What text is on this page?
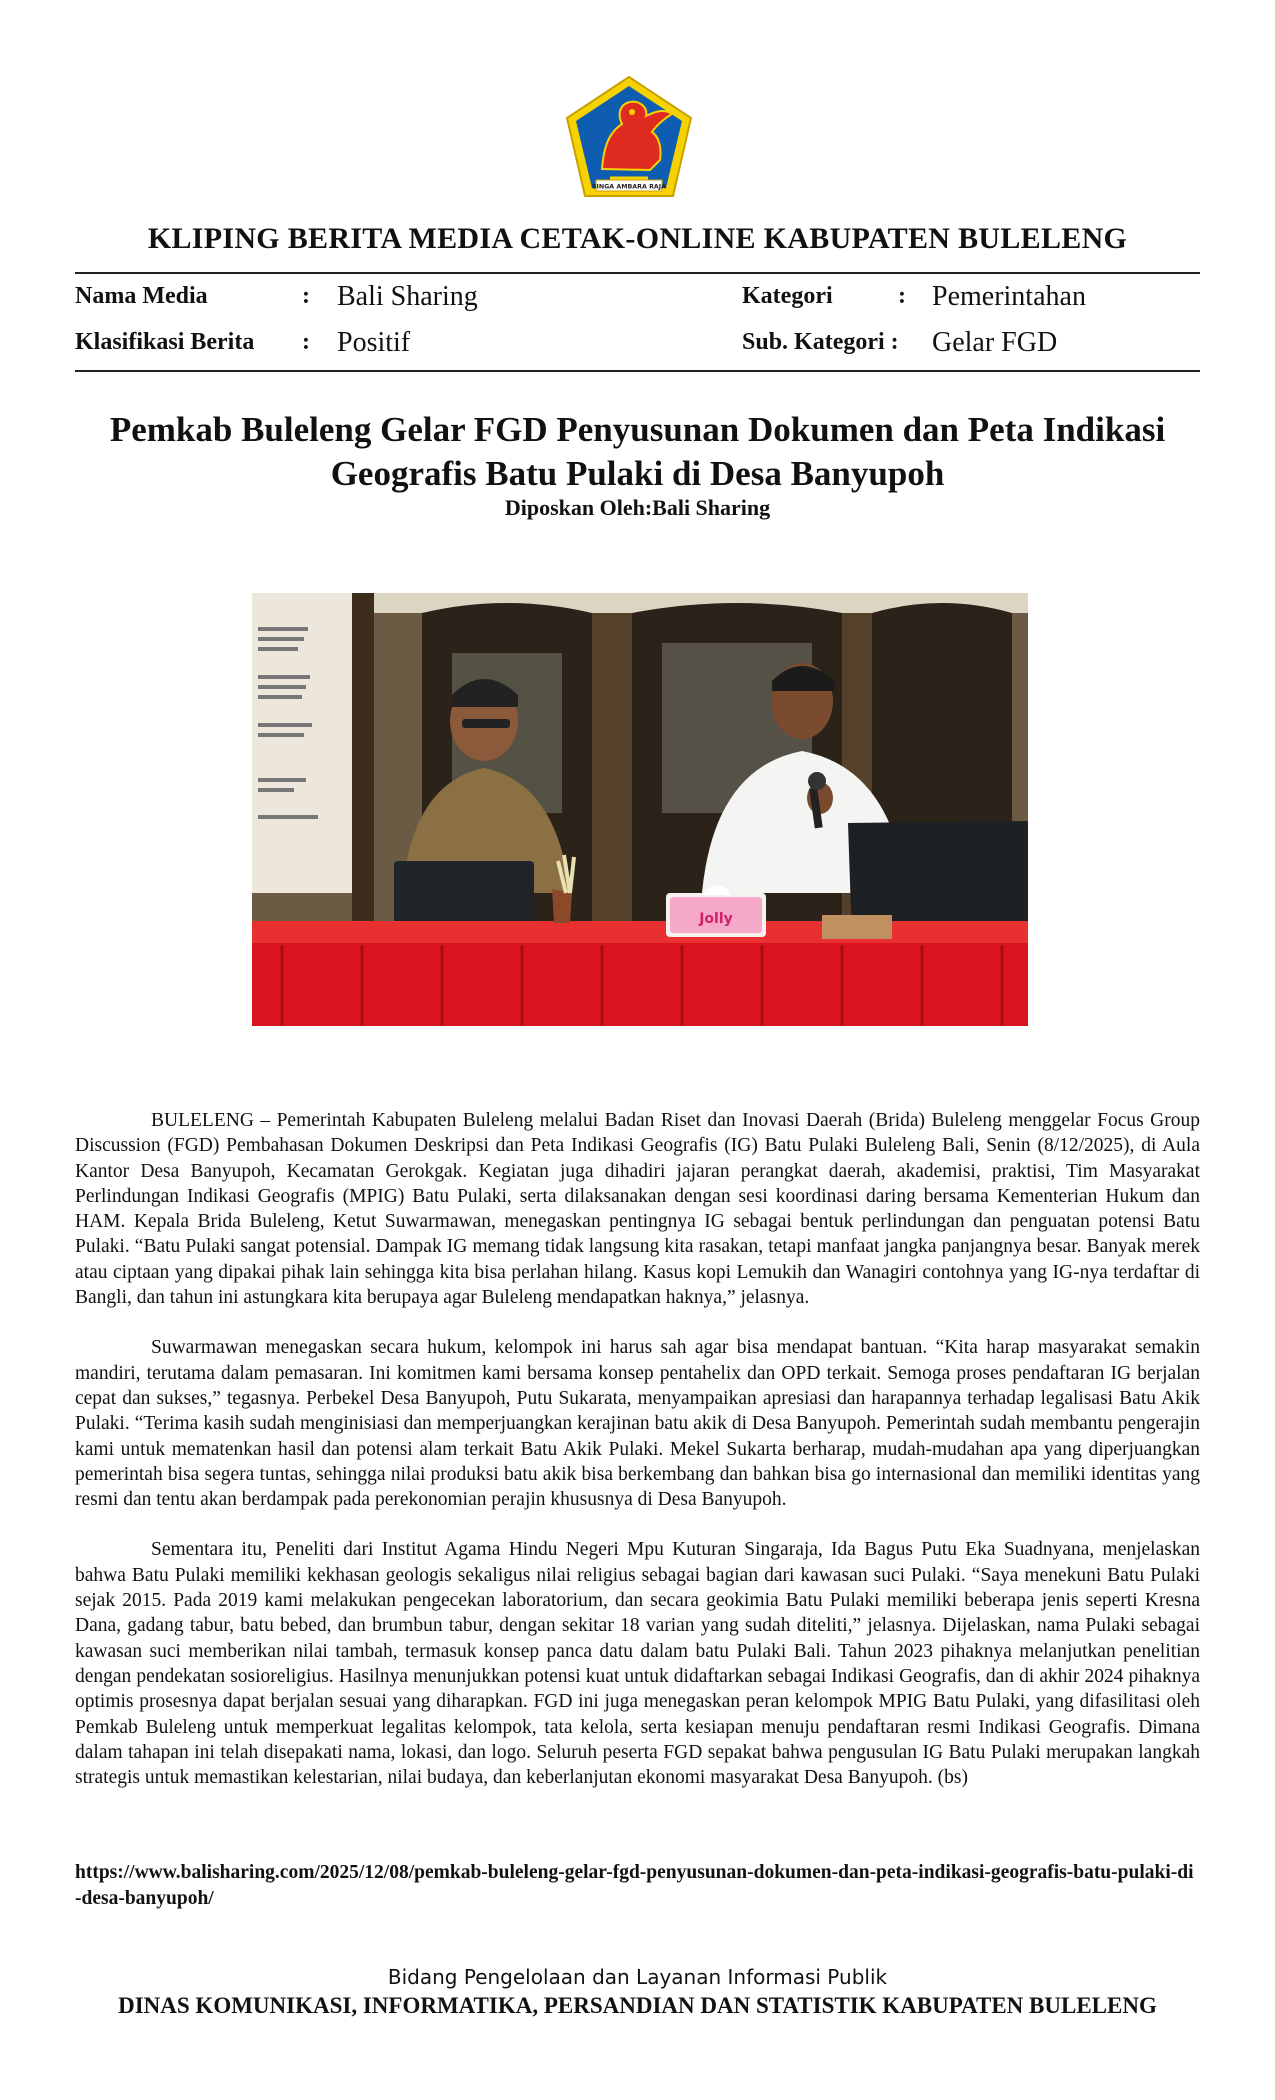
SINGA AMBARA RAJA
KLIPING BERITA MEDIA CETAK-ONLINE KABUPATEN BULELENG
Nama Media	: Bali Sharing	Kategori	: Pemerintahan
Klasifikasi Berita : Positif	Sub. Kategori : Gelar FGD
Pemkab Buleleng Gelar FGD Penyusunan Dokumen dan Peta Indikasi Geografis Batu Pulaki di Desa Banyupoh
Diposkan Oleh:Bali Sharing
Jolly

BULELENG – Pemerintah Kabupaten Buleleng melalui Badan Riset dan Inovasi Daerah (Brida) Buleleng menggelar Focus Group Discussion (FGD) Pembahasan Dokumen Deskripsi dan Peta Indikasi Geografis (IG) Batu Pulaki Buleleng Bali, Senin (8/12/2025), di Aula Kantor Desa Banyupoh, Kecamatan Gerokgak. Kegiatan juga dihadiri jajaran perangkat daerah, akademisi, praktisi, Tim Masyarakat Perlindungan Indikasi Geografis (MPIG) Batu Pulaki, serta dilaksanakan dengan sesi koordinasi daring bersama Kementerian Hukum dan HAM. Kepala Brida Buleleng, Ketut Suwarmawan, menegaskan pentingnya IG sebagai bentuk perlindungan dan penguatan potensi Batu Pulaki. “Batu Pulaki sangat potensial. Dampak IG memang tidak langsung kita rasakan, tetapi manfaat jangka panjangnya besar. Banyak merek atau ciptaan yang dipakai pihak lain sehingga kita bisa perlahan hilang. Kasus kopi Lemukih dan Wanagiri contohnya yang IG-nya terdaftar di Bangli, dan tahun ini astungkara kita berupaya agar Buleleng mendapatkan haknya,” jelasnya.

Suwarmawan menegaskan secara hukum, kelompok ini harus sah agar bisa mendapat bantuan. “Kita harap masyarakat semakin mandiri, terutama dalam pemasaran. Ini komitmen kami bersama konsep pentahelix dan OPD terkait. Semoga proses pendaftaran IG berjalan cepat dan sukses,” tegasnya. Perbekel Desa Banyupoh, Putu Sukarata, menyampaikan apresiasi dan harapannya terhadap legalisasi Batu Akik Pulaki. “Terima kasih sudah menginisiasi dan memperjuangkan kerajinan batu akik di Desa Banyupoh. Pemerintah sudah membantu pengerajin kami untuk mematenkan hasil dan potensi alam terkait Batu Akik Pulaki. Mekel Sukarta berharap, mudah-mudahan apa yang diperjuangkan pemerintah bisa segera tuntas, sehingga nilai produksi batu akik bisa berkembang dan bahkan bisa go internasional dan memiliki identitas yang resmi dan tentu akan berdampak pada perekonomian perajin khususnya di Desa Banyupoh.

Sementara itu, Peneliti dari Institut Agama Hindu Negeri Mpu Kuturan Singaraja, Ida Bagus Putu Eka Suadnyana, menjelaskan bahwa Batu Pulaki memiliki kekhasan geologis sekaligus nilai religius sebagai bagian dari kawasan suci Pulaki. “Saya menekuni Batu Pulaki sejak 2015. Pada 2019 kami melakukan pengecekan laboratorium, dan secara geokimia Batu Pulaki memiliki beberapa jenis seperti Kresna Dana, gadang tabur, batu bebed, dan brumbun tabur, dengan sekitar 18 varian yang sudah diteliti,” jelasnya. Dijelaskan, nama Pulaki sebagai kawasan suci memberikan nilai tambah, termasuk konsep panca datu dalam batu Pulaki Bali. Tahun 2023 pihaknya melanjutkan penelitian dengan pendekatan sosioreligius. Hasilnya menunjukkan potensi kuat untuk didaftarkan sebagai Indikasi Geografis, dan di akhir 2024 pihaknya optimis prosesnya dapat berjalan sesuai yang diharapkan. FGD ini juga menegaskan peran kelompok MPIG Batu Pulaki, yang difasilitasi oleh Pemkab Buleleng untuk memperkuat legalitas kelompok, tata kelola, serta kesiapan menuju pendaftaran resmi Indikasi Geografis. Dimana dalam tahapan ini telah disepakati nama, lokasi, dan logo. Seluruh peserta FGD sepakat bahwa pengusulan IG Batu Pulaki merupakan langkah strategis untuk memastikan kelestarian, nilai budaya, dan keberlanjutan ekonomi masyarakat Desa Banyupoh. (bs)

https://www.balisharing.com/2025/12/08/pemkab-buleleng-gelar-fgd-penyusunan-dokumen-dan-peta-indikasi-geografis-batu-pulaki-di-desa-banyupoh/
Bidang Pengelolaan dan Layanan Informasi Publik
DINAS KOMUNIKASI, INFORMATIKA, PERSANDIAN DAN STATISTIK KABUPATEN BULELENG
